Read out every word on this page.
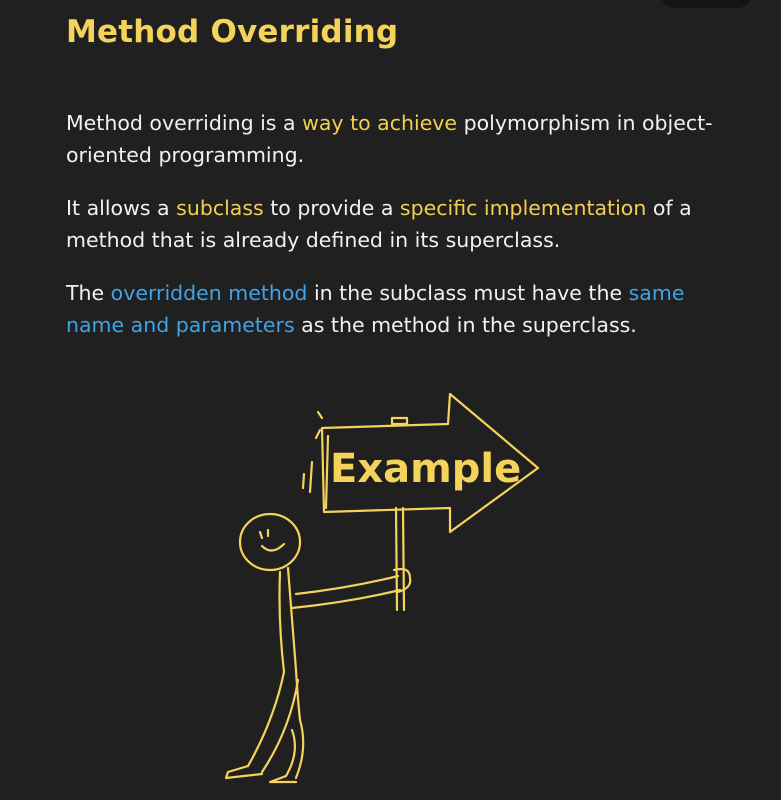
Method Overriding

Method overriding is a way to achieve polymorphism in object-oriented programming.

It allows a subclass to provide a specific implementation of a method that is already defined in its superclass.

The overridden method in the subclass must have the same name and parameters as the method in the superclass.

Example
